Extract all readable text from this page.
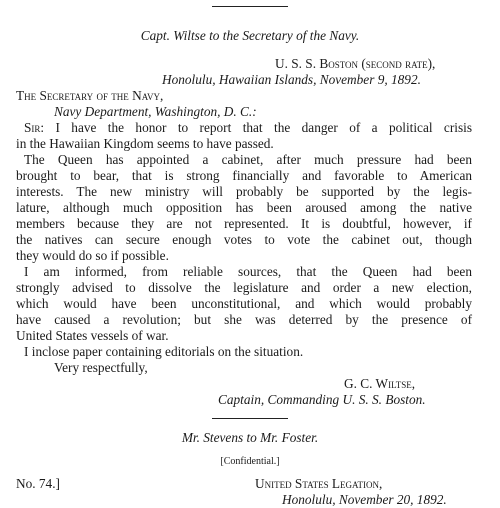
Capt. Wiltse to the Secretary of the Navy.
U. S. S. Boston (second rate),
Honolulu, Hawaiian Islands, November 9, 1892.
The Secretary of the Navy,
Navy Department, Washington, D. C.:
Sir: I have the honor to report that the danger of a political crisis
in the Hawaiian Kingdom seems to have passed.
The Queen has appointed a cabinet, after much pressure had been
brought to bear, that is strong financially and favorable to American
interests. The new ministry will probably be supported by the legis-
lature, although much opposition has been aroused among the native
members because they are not represented. It is doubtful, however, if
the natives can secure enough votes to vote the cabinet out, though
they would do so if possible.
I am informed, from reliable sources, that the Queen had been
strongly advised to dissolve the legislature and order a new election,
which would have been unconstitutional, and which would probably
have caused a revolution; but she was deterred by the presence of
United States vessels of war.
I inclose paper containing editorials on the situation.
Very respectfully,
G. C. Wiltse,
Captain, Commanding U. S. S. Boston.
Mr. Stevens to Mr. Foster.
[Confidential.]
No. 74.]	United States Legation,
Honolulu, November 20, 1892.
